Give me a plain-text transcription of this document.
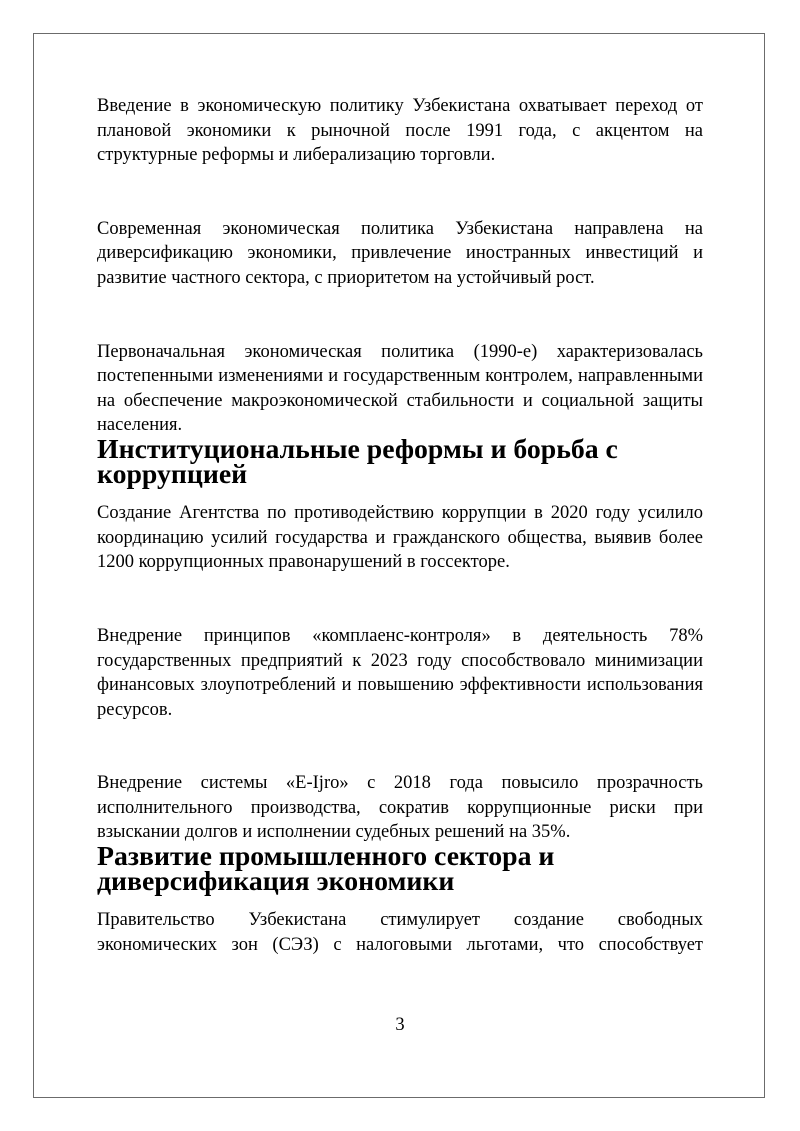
Введение в экономическую политику Узбекистана охватывает переход от плановой экономики к рыночной после 1991 года, с акцентом на структурные реформы и либерализацию торговли.

Современная экономическая политика Узбекистана направлена на диверсификацию экономики, привлечение иностранных инвестиций и развитие частного сектора, с приоритетом на устойчивый рост.

Первоначальная экономическая политика (1990-е) характеризовалась постепенными изменениями и государственным контролем, направленными на обеспечение макроэкономической стабильности и социальной защиты населения.

Институциональные реформы и борьба с коррупцией

Создание Агентства по противодействию коррупции в 2020 году усилило координацию усилий государства и гражданского общества, выявив более 1200 коррупционных правонарушений в госсекторе.

Внедрение принципов «комплаенс-контроля» в деятельность 78% государственных предприятий к 2023 году способствовало минимизации финансовых злоупотреблений и повышению эффективности использования ресурсов.

Внедрение системы «E-Ijro» с 2018 года повысило прозрачность исполнительного производства, сократив коррупционные риски при взыскании долгов и исполнении судебных решений на 35%.

Развитие промышленного сектора и диверсификация экономики

Правительство Узбекистана стимулирует создание свободных экономических зон (СЭЗ) с налоговыми льготами, что способствует

3
